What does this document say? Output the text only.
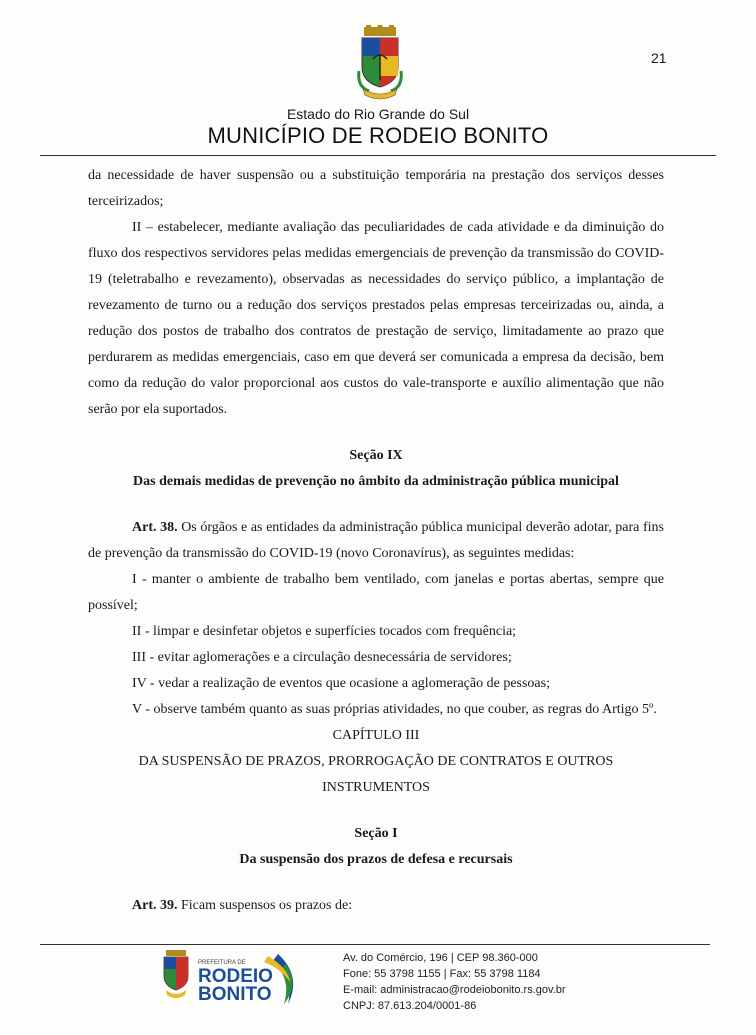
21
Estado do Rio Grande do Sul
MUNICÍPIO DE RODEIO BONITO

da necessidade de haver suspensão ou a substituição temporária na prestação dos serviços desses terceirizados;

II – estabelecer, mediante avaliação das peculiaridades de cada atividade e da diminuição do fluxo dos respectivos servidores pelas medidas emergenciais de prevenção da transmissão do COVID-19 (teletrabalho e revezamento), observadas as necessidades do serviço público, a implantação de revezamento de turno ou a redução dos serviços prestados pelas empresas terceirizadas ou, ainda, a redução dos postos de trabalho dos contratos de prestação de serviço, limitadamente ao prazo que perdurarem as medidas emergenciais, caso em que deverá ser comunicada a empresa da decisão, bem como da redução do valor proporcional aos custos do vale-transporte e auxílio alimentação que não serão por ela suportados.

Seção IX

Das demais medidas de prevenção no âmbito da administração pública municipal

Art. 38. Os órgãos e as entidades da administração pública municipal deverão adotar, para fins de prevenção da transmissão do COVID-19 (novo Coronavírus), as seguintes medidas:

I - manter o ambiente de trabalho bem ventilado, com janelas e portas abertas, sempre que possível;

II - limpar e desinfetar objetos e superfícies tocados com frequência;

III - evitar aglomerações e a circulação desnecessária de servidores;

IV - vedar a realização de eventos que ocasione a aglomeração de pessoas;

V - observe também quanto as suas próprias atividades, no que couber, as regras do Artigo 5º.

CAPÍTULO III

DA SUSPENSÃO DE PRAZOS, PRORROGAÇÃO DE CONTRATOS E OUTROS

INSTRUMENTOS

Seção I

Da suspensão dos prazos de defesa e recursais

Art. 39. Ficam suspensos os prazos de:

PREFEITURA DE
RODEIO
BONITO
Av. do Comércio, 196 | CEP 98.360-000
Fone: 55 3798 1155 | Fax: 55 3798 1184
E-mail: administracao@rodeiobonito.rs.gov.br
CNPJ: 87.613.204/0001-86
